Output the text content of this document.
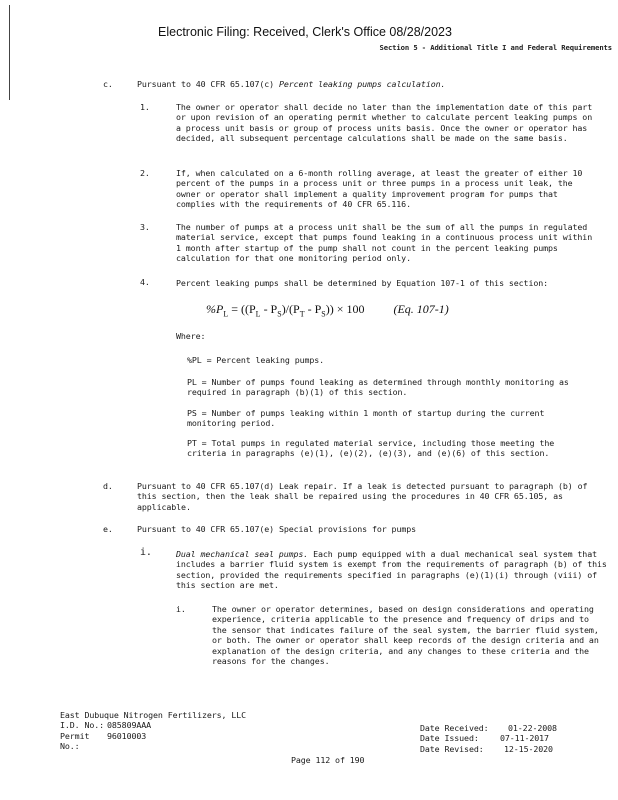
Electronic Filing: Received, Clerk's Office 08/28/2023
Section 5 - Additional Title I and Federal Requirements
c.	Pursuant to 40 CFR 65.107(c) Percent leaking pumps calculation.
1.	The owner or operator shall decide no later than the implementation date of this part or upon revision of an operating permit whether to calculate percent leaking pumps on a process unit basis or group of process units basis. Once the owner or operator has decided, all subsequent percentage calculations shall be made on the same basis.
2.	If, when calculated on a 6-month rolling average, at least the greater of either 10 percent of the pumps in a process unit or three pumps in a process unit leak, the owner or operator shall implement a quality improvement program for pumps that complies with the requirements of 40 CFR 65.116.
3.	The number of pumps at a process unit shall be the sum of all the pumps in regulated material service, except that pumps found leaking in a continuous process unit within 1 month after startup of the pump shall not count in the percent leaking pumps calculation for that one monitoring period only.
4.	Percent leaking pumps shall be determined by Equation 107-1 of this section:
$\%P_L = ((P_L - P_S)/(P_T - P_S)) \times 100$ (Eq. 107-1)
Where:
%PL = Percent leaking pumps.
PL = Number of pumps found leaking as determined through monthly monitoring as required in paragraph (b)(1) of this section.
PS = Number of pumps leaking within 1 month of startup during the current monitoring period.
PT = Total pumps in regulated material service, including those meeting the criteria in paragraphs (e)(1), (e)(2), (e)(3), and (e)(6) of this section.
d.	Pursuant to 40 CFR 65.107(d) Leak repair. If a leak is detected pursuant to paragraph (b) of this section, then the leak shall be repaired using the procedures in 40 CFR 65.105, as applicable.
e.	Pursuant to 40 CFR 65.107(e) Special provisions for pumps
i.	Dual mechanical seal pumps. Each pump equipped with a dual mechanical seal system that includes a barrier fluid system is exempt from the requirements of paragraph (b) of this section, provided the requirements specified in paragraphs (e)(1)(i) through (viii) of this section are met.
i.	The owner or operator determines, based on design considerations and operating experience, criteria applicable to the presence and frequency of drips and to the sensor that indicates failure of the seal system, the barrier fluid system, or both. The owner or operator shall keep records of the design criteria and an explanation of the design criteria, and any changes to these criteria and the reasons for the changes.
East Dubuque Nitrogen Fertilizers, LLC
I.D. No.: 085809AAA
Permit No.:
96010003
Date Received:	01-22-2008
Date Issued:	07-11-2017
Date Revised:	12-15-2020
Page 112 of 190
